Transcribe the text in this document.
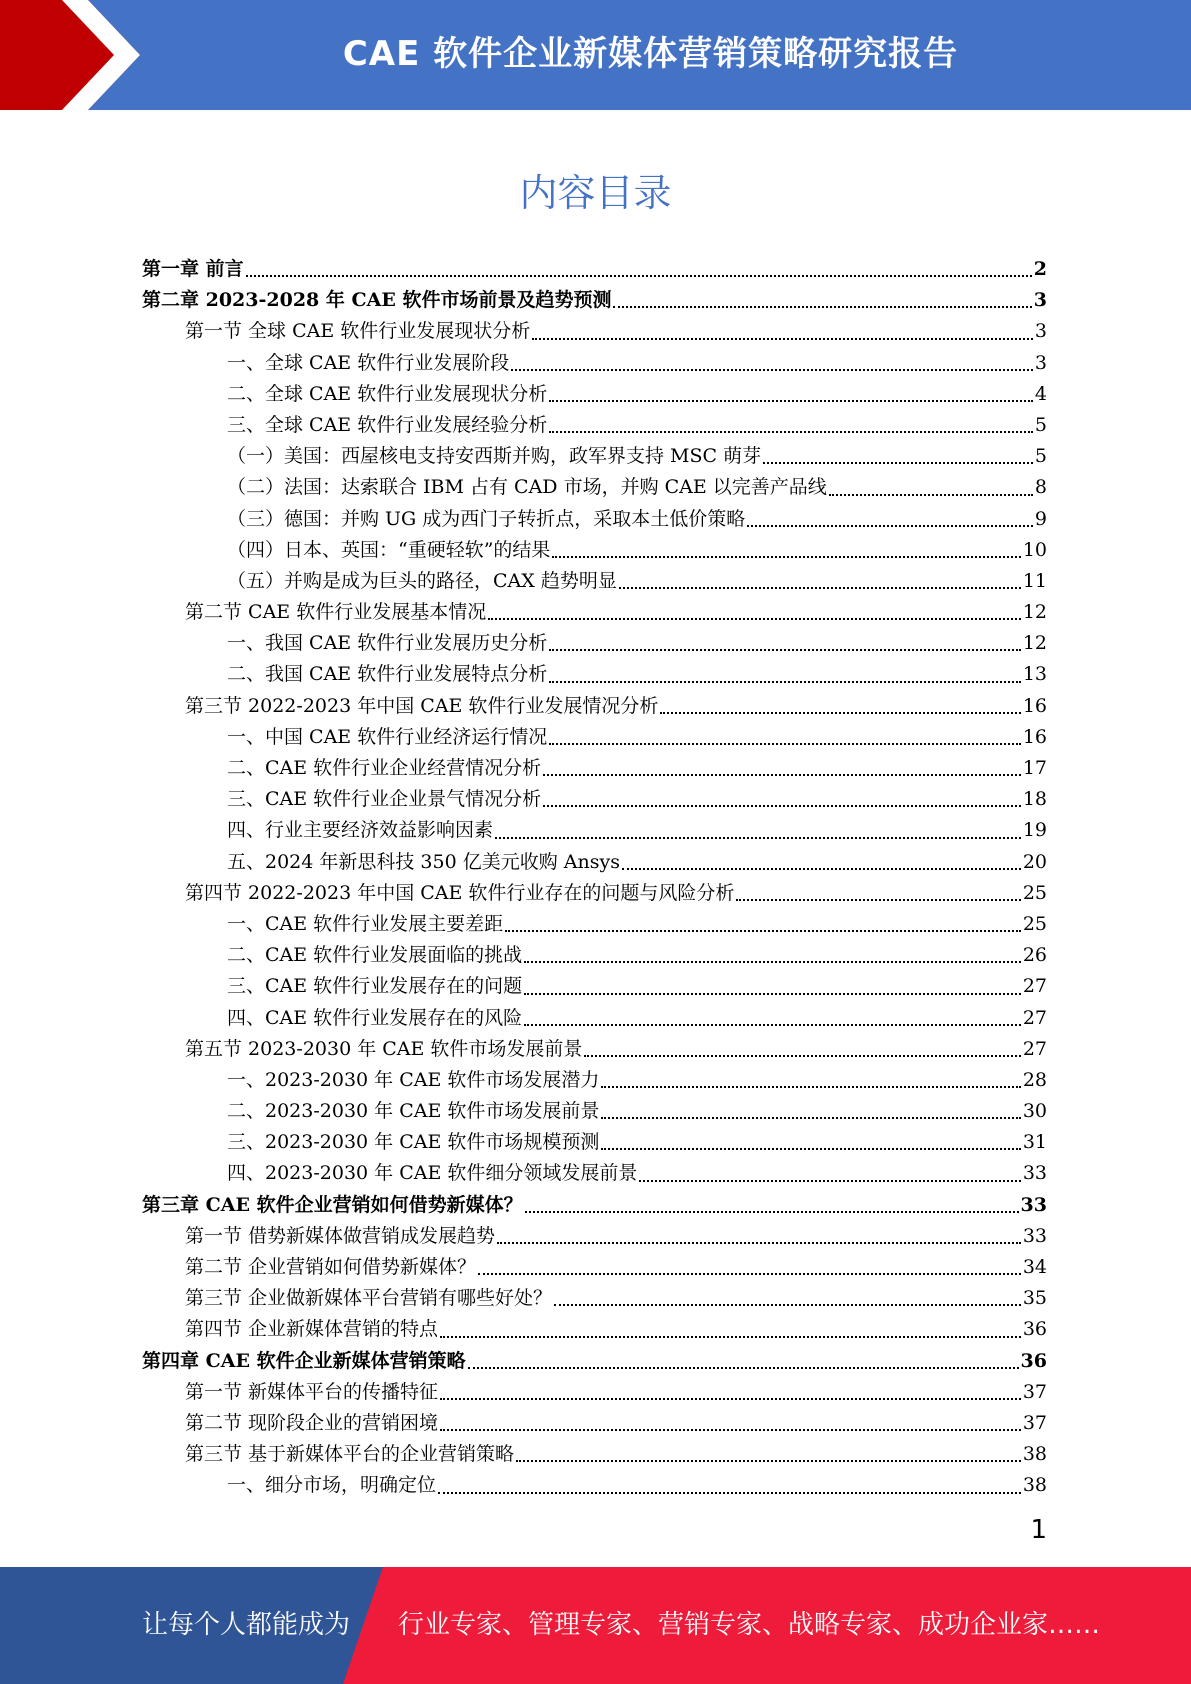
CAE 软件企业新媒体营销策略研究报告
内容目录
第一章 前言	2
第二章 2023-2028 年 CAE 软件市场前景及趋势预测	3
第一节 全球 CAE 软件行业发展现状分析	3
一、全球 CAE 软件行业发展阶段	3
二、全球 CAE 软件行业发展现状分析	4
三、全球 CAE 软件行业发展经验分析	5
（一）美国：西屋核电支持安西斯并购，政军界支持 MSC 萌芽	5
（二）法国：达索联合 IBM 占有 CAD 市场，并购 CAE 以完善产品线	8
（三）德国：并购 UG 成为西门子转折点，采取本土低价策略	9
（四）日本、英国：“重硬轻软”的结果	10
（五）并购是成为巨头的路径，CAX 趋势明显	11
第二节 CAE 软件行业发展基本情况	12
一、我国 CAE 软件行业发展历史分析	12
二、我国 CAE 软件行业发展特点分析	13
第三节 2022-2023 年中国 CAE 软件行业发展情况分析	16
一、中国 CAE 软件行业经济运行情况	16
二、CAE 软件行业企业经营情况分析	17
三、CAE 软件行业企业景气情况分析	18
四、行业主要经济效益影响因素	19
五、2024 年新思科技 350 亿美元收购 Ansys	20
第四节 2022-2023 年中国 CAE 软件行业存在的问题与风险分析	25
一、CAE 软件行业发展主要差距	25
二、CAE 软件行业发展面临的挑战	26
三、CAE 软件行业发展存在的问题	27
四、CAE 软件行业发展存在的风险	27
第五节 2023-2030 年 CAE 软件市场发展前景	27
一、2023-2030 年 CAE 软件市场发展潜力	28
二、2023-2030 年 CAE 软件市场发展前景	30
三、2023-2030 年 CAE 软件市场规模预测	31
四、2023-2030 年 CAE 软件细分领域发展前景	33
第三章 CAE 软件企业营销如何借势新媒体？	33
第一节 借势新媒体做营销成发展趋势	33
第二节 企业营销如何借势新媒体？	34
第三节 企业做新媒体平台营销有哪些好处？	35
第四节 企业新媒体营销的特点	36
第四章 CAE 软件企业新媒体营销策略	36
第一节 新媒体平台的传播特征	37
第二节 现阶段企业的营销困境	37
第三节 基于新媒体平台的企业营销策略	38
一、细分市场，明确定位	38
1
让每个人都能成为 行业专家、管理专家、营销专家、战略专家、成功企业家……
